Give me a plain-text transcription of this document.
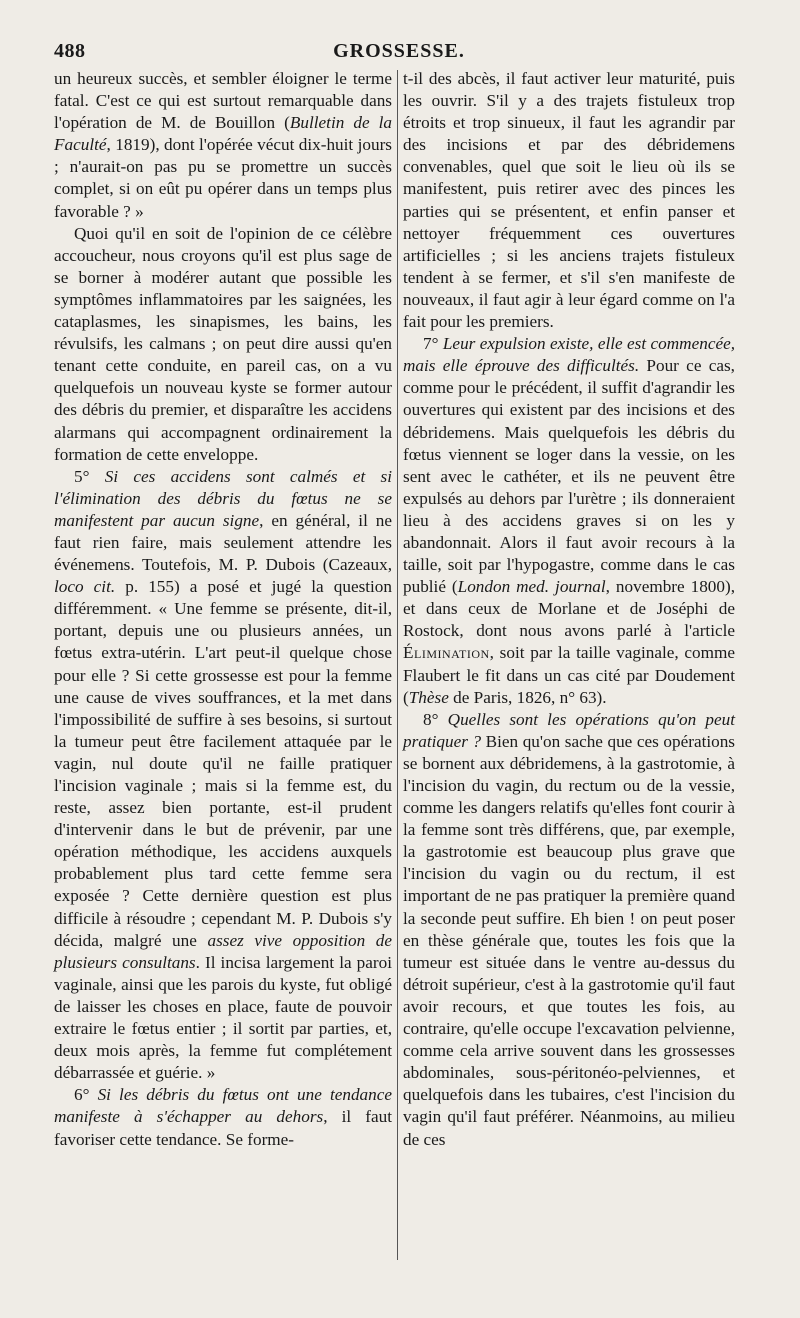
488	GROSSESSE.

un heureux succès, et sembler éloigner le terme fatal. C'est ce qui est surtout remarquable dans l'opération de M. de Bouillon (Bulletin de la Faculté, 1819), dont l'opérée vécut dix-huit jours ; n'aurait-on pas pu se promettre un succès complet, si on eût pu opérer dans un temps plus favorable ? »

Quoi qu'il en soit de l'opinion de ce célèbre accoucheur, nous croyons qu'il est plus sage de se borner à modérer autant que possible les symptômes inflammatoires par les saignées, les cataplasmes, les sinapismes, les bains, les révulsifs, les calmans ; on peut dire aussi qu'en tenant cette conduite, en pareil cas, on a vu quelquefois un nouveau kyste se former autour des débris du premier, et disparaître les accidens alarmans qui accompagnent ordinairement la formation de cette enveloppe.

5° Si ces accidens sont calmés et si l'élimination des débris du fœtus ne se manifestent par aucun signe, en général, il ne faut rien faire, mais seulement attendre les événemens. Toutefois, M. P. Dubois (Cazeaux, loco cit. p. 155) a posé et jugé la question différemment. « Une femme se présente, dit-il, portant, depuis une ou plusieurs années, un fœtus extra-utérin. L'art peut-il quelque chose pour elle ? Si cette grossesse est pour la femme une cause de vives souffrances, et la met dans l'impossibilité de suffire à ses besoins, si surtout la tumeur peut être facilement attaquée par le vagin, nul doute qu'il ne faille pratiquer l'incision vaginale ; mais si la femme est, du reste, assez bien portante, est-il prudent d'intervenir dans le but de prévenir, par une opération méthodique, les accidens auxquels probablement plus tard cette femme sera exposée ? Cette dernière question est plus difficile à résoudre ; cependant M. P. Dubois s'y décida, malgré une assez vive opposition de plusieurs consultans. Il incisa largement la paroi vaginale, ainsi que les parois du kyste, fut obligé de laisser les choses en place, faute de pouvoir extraire le fœtus entier ; il sortit par parties, et, deux mois après, la femme fut complétement débarrassée et guérie. »

6° Si les débris du fœtus ont une tendance manifeste à s'échapper au dehors, il faut favoriser cette tendance. Se forme-

t-il des abcès, il faut activer leur maturité, puis les ouvrir. S'il y a des trajets fistuleux trop étroits et trop sinueux, il faut les agrandir par des incisions et par des débridemens convenables, quel que soit le lieu où ils se manifestent, puis retirer avec des pinces les parties qui se présentent, et enfin panser et nettoyer fréquemment ces ouvertures artificielles ; si les anciens trajets fistuleux tendent à se fermer, et s'il s'en manifeste de nouveaux, il faut agir à leur égard comme on l'a fait pour les premiers.

7° Leur expulsion existe, elle est commencée, mais elle éprouve des difficultés. Pour ce cas, comme pour le précédent, il suffit d'agrandir les ouvertures qui existent par des incisions et des débridemens. Mais quelquefois les débris du fœtus viennent se loger dans la vessie, on les sent avec le cathéter, et ils ne peuvent être expulsés au dehors par l'urètre ; ils donneraient lieu à des accidens graves si on les y abandonnait. Alors il faut avoir recours à la taille, soit par l'hypogastre, comme dans le cas publié (London med. journal, novembre 1800), et dans ceux de Morlane et de Joséphi de Rostock, dont nous avons parlé à l'article Élimination, soit par la taille vaginale, comme Flaubert le fit dans un cas cité par Doudement (Thèse de Paris, 1826, n° 63).

8° Quelles sont les opérations qu'on peut pratiquer ? Bien qu'on sache que ces opérations se bornent aux débridemens, à la gastrotomie, à l'incision du vagin, du rectum ou de la vessie, comme les dangers relatifs qu'elles font courir à la femme sont très différens, que, par exemple, la gastrotomie est beaucoup plus grave que l'incision du vagin ou du rectum, il est important de ne pas pratiquer la première quand la seconde peut suffire. Eh bien ! on peut poser en thèse générale que, toutes les fois que la tumeur est située dans le ventre au-dessus du détroit supérieur, c'est à la gastrotomie qu'il faut avoir recours, et que toutes les fois, au contraire, qu'elle occupe l'excavation pelvienne, comme cela arrive souvent dans les grossesses abdominales, sous-péritonéo-pelviennes, et quelquefois dans les tubaires, c'est l'incision du vagin qu'il faut préférer. Néanmoins, au milieu de ces
